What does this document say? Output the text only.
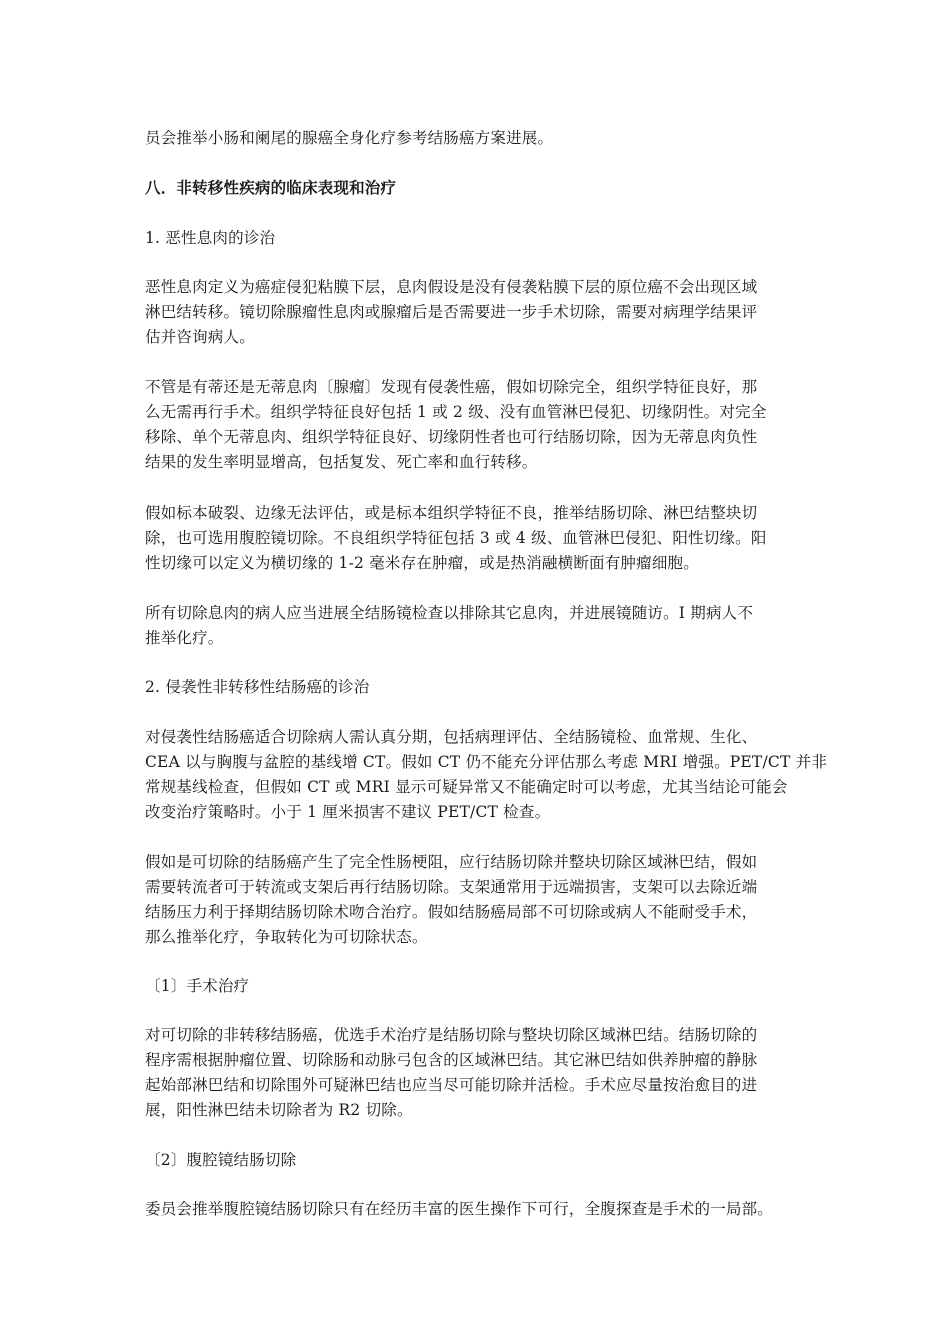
员会推举小肠和阑尾的腺癌全身化疗参考结肠癌方案进展。
八．非转移性疾病的临床表现和治疗
1. 恶性息肉的诊治
恶性息肉定义为癌症侵犯粘膜下层，息肉假设是没有侵袭粘膜下层的原位癌不会出现区域
淋巴结转移。镜切除腺瘤性息肉或腺瘤后是否需要进一步手术切除，需要对病理学结果评
估并咨询病人。
不管是有蒂还是无蒂息肉〔腺瘤〕发现有侵袭性癌，假如切除完全，组织学特征良好，那
么无需再行手术。组织学特征良好包括 1 或 2 级、没有血管淋巴侵犯、切缘阴性。对完全
移除、单个无蒂息肉、组织学特征良好、切缘阴性者也可行结肠切除，因为无蒂息肉负性
结果的发生率明显增高，包括复发、死亡率和血行转移。
假如标本破裂、边缘无法评估，或是标本组织学特征不良，推举结肠切除、淋巴结整块切
除，也可选用腹腔镜切除。不良组织学特征包括 3 或 4 级、血管淋巴侵犯、阳性切缘。阳
性切缘可以定义为横切缘的 1-2 毫米存在肿瘤，或是热消融横断面有肿瘤细胞。
所有切除息肉的病人应当进展全结肠镜检查以排除其它息肉，并进展镜随访。I 期病人不
推举化疗。
2. 侵袭性非转移性结肠癌的诊治
对侵袭性结肠癌适合切除病人需认真分期，包括病理评估、全结肠镜检、血常规、生化、
CEA 以与胸腹与盆腔的基线增 CT。假如 CT 仍不能充分评估那么考虑 MRI 增强。PET/CT 并非
常规基线检查，但假如 CT 或 MRI 显示可疑异常又不能确定时可以考虑，尤其当结论可能会
改变治疗策略时。小于 1 厘米损害不建议 PET/CT 检查。
假如是可切除的结肠癌产生了完全性肠梗阻，应行结肠切除并整块切除区域淋巴结，假如
需要转流者可于转流或支架后再行结肠切除。支架通常用于远端损害，支架可以去除近端
结肠压力利于择期结肠切除术吻合治疗。假如结肠癌局部不可切除或病人不能耐受手术，
那么推举化疗，争取转化为可切除状态。
〔1〕手术治疗
对可切除的非转移结肠癌，优选手术治疗是结肠切除与整块切除区域淋巴结。结肠切除的
程序需根据肿瘤位置、切除肠和动脉弓包含的区域淋巴结。其它淋巴结如供养肿瘤的静脉
起始部淋巴结和切除围外可疑淋巴结也应当尽可能切除并活检。手术应尽量按治愈目的进
展，阳性淋巴结未切除者为 R2 切除。
〔2〕腹腔镜结肠切除
委员会推举腹腔镜结肠切除只有在经历丰富的医生操作下可行，全腹探查是手术的一局部。
